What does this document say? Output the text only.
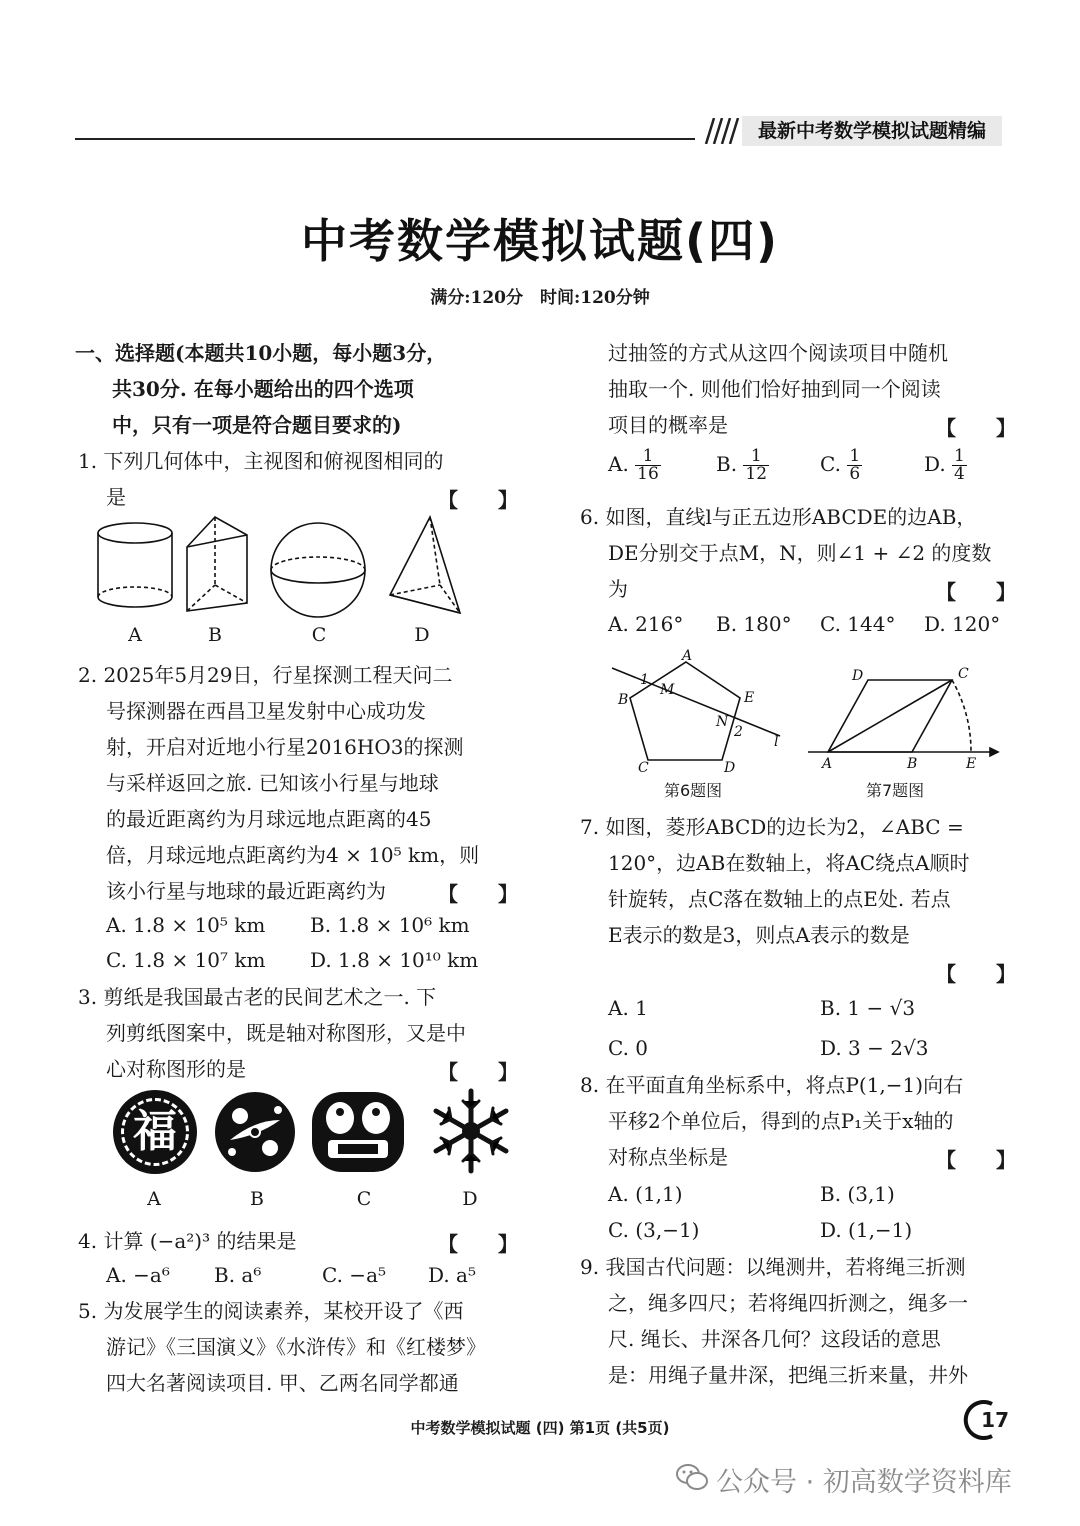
最新中考数学模拟试题精编
中考数学模拟试题(四)
满分:120分　时间:120分钟
一、选择题(本题共10小题，每小题3分，
共30分. 在每小题给出的四个选项
中，只有一项是符合题目要求的)
1. 下列几何体中，主视图和俯视图相同的
是	【　　】
A	B	C	D
2. 2025年5月29日，行星探测工程天问二
号探测器在西昌卫星发射中心成功发
射，开启对近地小行星2016HO3的探测
与采样返回之旅. 已知该小行星与地球
的最近距离约为月球远地点距离的45
倍，月球远地点距离约为4 × 10⁵ km，则
该小行星与地球的最近距离约为	【　　】
A. 1.8 × 10⁵ km B. 1.8 × 10⁶ km
C. 1.8 × 10⁷ km D. 1.8 × 10¹⁰ km
3. 剪纸是我国最古老的民间艺术之一. 下
列剪纸图案中，既是轴对称图形，又是中
心对称图形的是	【　　】
福
A	B	C	D
4. 计算 (−a²)³ 的结果是	【　　】
A. −a⁶ B. a⁶	C. −a⁵ D. a⁵
5. 为发展学生的阅读素养，某校开设了《西
游记》《三国演义》《水浒传》和《红楼梦》
四大名著阅读项目. 甲、乙两名同学都通
过抽签的方式从这四个阅读项目中随机
抽取一个. 则他们恰好抽到同一个阅读
项目的概率是	【　　】
A. $\frac{1}{16}$	B. $\frac{1}{12}$	C. $\frac{1}{6}$	D. $\frac{1}{4}$
6. 如图，直线l与正五边形ABCDE的边AB，
DE分别交于点M，N，则∠1 + ∠2 的度数
为	【　　】
A. 216° B. 180° C. 144° D. 120°
A
B
C	D
E
M
N
1
2
l
第6题图
D	C
A	B	E
第7题图
7. 如图，菱形ABCD的边长为2，∠ABC =
120°，边AB在数轴上，将AC绕点A顺时
针旋转，点C落在数轴上的点E处. 若点
E表示的数是3，则点A表示的数是
【　　】
A. 1	B. 1 − √3
C. 0	D. 3 − 2√3
8. 在平面直角坐标系中，将点P(1,−1)向右
平移2个单位后，得到的点P₁关于x轴的
对称点坐标是	【　　】
A. (1,1)	B. (3,1)
C. (3,−1)	D. (1,−1)
9. 我国古代问题：以绳测井，若将绳三折测
之，绳多四尺；若将绳四折测之，绳多一
尺. 绳长、井深各几何？这段话的意思
是：用绳子量井深，把绳三折来量，井外
中考数学模拟试题 (四) 第1页 (共5页)	17
公众号 · 初高数学资料库
